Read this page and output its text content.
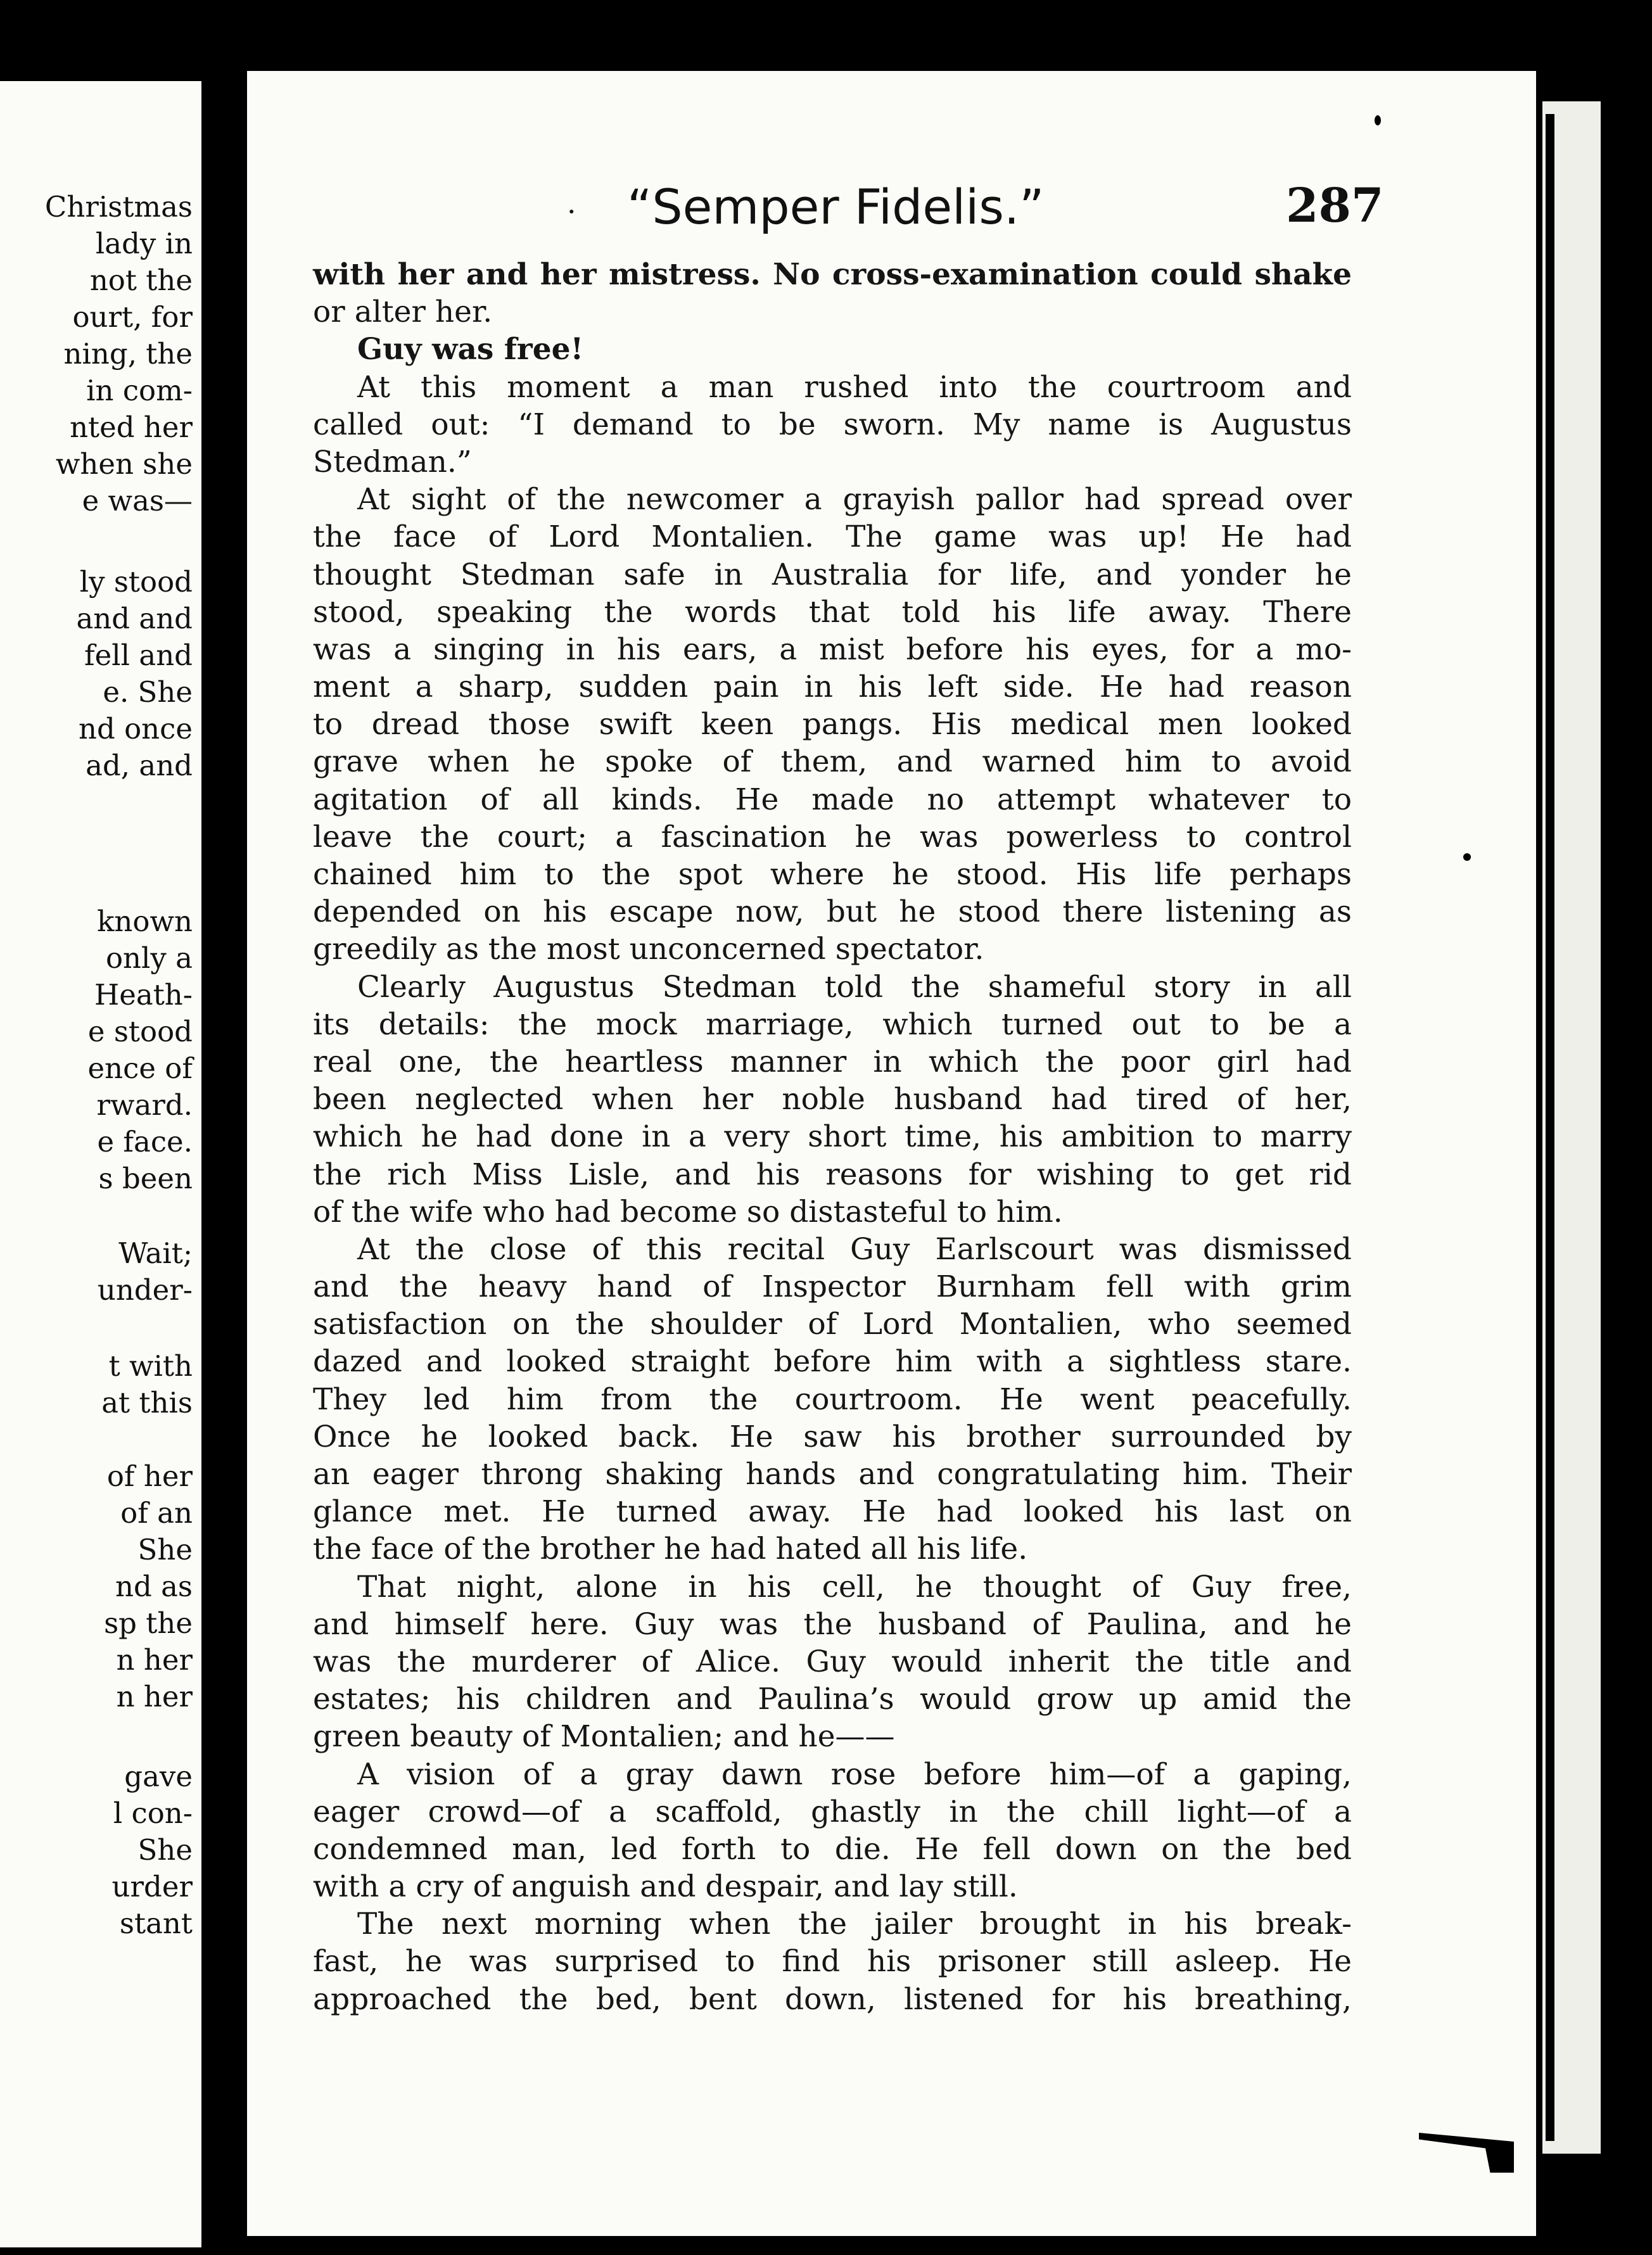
Christmas

lady in

not the

ourt, for

ning, the

in com-

nted her

when she

e was—

ly stood

and and

fell and

e. She

nd once

ad, and

known

only a

Heath-

e stood

ence of

rward.

e face.

s been

Wait;

under-

t with

at this

of her

of an

She

nd as

sp the

n her

n her

gave

l con-

She

urder

stant

· “Semper Fidelis.”	287

with her and her mistress. No cross-examination could shake

or alter her.

Guy was free!

At this moment a man rushed into the courtroom and

called out: “I demand to be sworn. My name is Augustus

Stedman.”

At sight of the newcomer a grayish pallor had spread over

the face of Lord Montalien. The game was up! He had

thought Stedman safe in Australia for life, and yonder he

stood, speaking the words that told his life away. There

was a singing in his ears, a mist before his eyes, for a mo-

ment a sharp, sudden pain in his left side. He had reason

to dread those swift keen pangs. His medical men looked

grave when he spoke of them, and warned him to avoid

agitation of all kinds. He made no attempt whatever to

leave the court; a fascination he was powerless to control

chained him to the spot where he stood. His life perhaps

depended on his escape now, but he stood there listening as

greedily as the most unconcerned spectator.

Clearly Augustus Stedman told the shameful story in all

its details: the mock marriage, which turned out to be a

real one, the heartless manner in which the poor girl had

been neglected when her noble husband had tired of her,

which he had done in a very short time, his ambition to marry

the rich Miss Lisle, and his reasons for wishing to get rid

of the wife who had become so distasteful to him.

At the close of this recital Guy Earlscourt was dismissed

and the heavy hand of Inspector Burnham fell with grim

satisfaction on the shoulder of Lord Montalien, who seemed

dazed and looked straight before him with a sightless stare.

They led him from the courtroom. He went peacefully.

Once he looked back. He saw his brother surrounded by

an eager throng shaking hands and congratulating him. Their

glance met. He turned away. He had looked his last on

the face of the brother he had hated all his life.

That night, alone in his cell, he thought of Guy free,

and himself here. Guy was the husband of Paulina, and he

was the murderer of Alice. Guy would inherit the title and

estates; his children and Paulina’s would grow up amid the

green beauty of Montalien; and he——

A vision of a gray dawn rose before him—of a gaping,

eager crowd—of a scaffold, ghastly in the chill light—of a

condemned man, led forth to die. He fell down on the bed

with a cry of anguish and despair, and lay still.

The next morning when the jailer brought in his break-

fast, he was surprised to find his prisoner still asleep. He

approached the bed, bent down, listened for his breathing,
